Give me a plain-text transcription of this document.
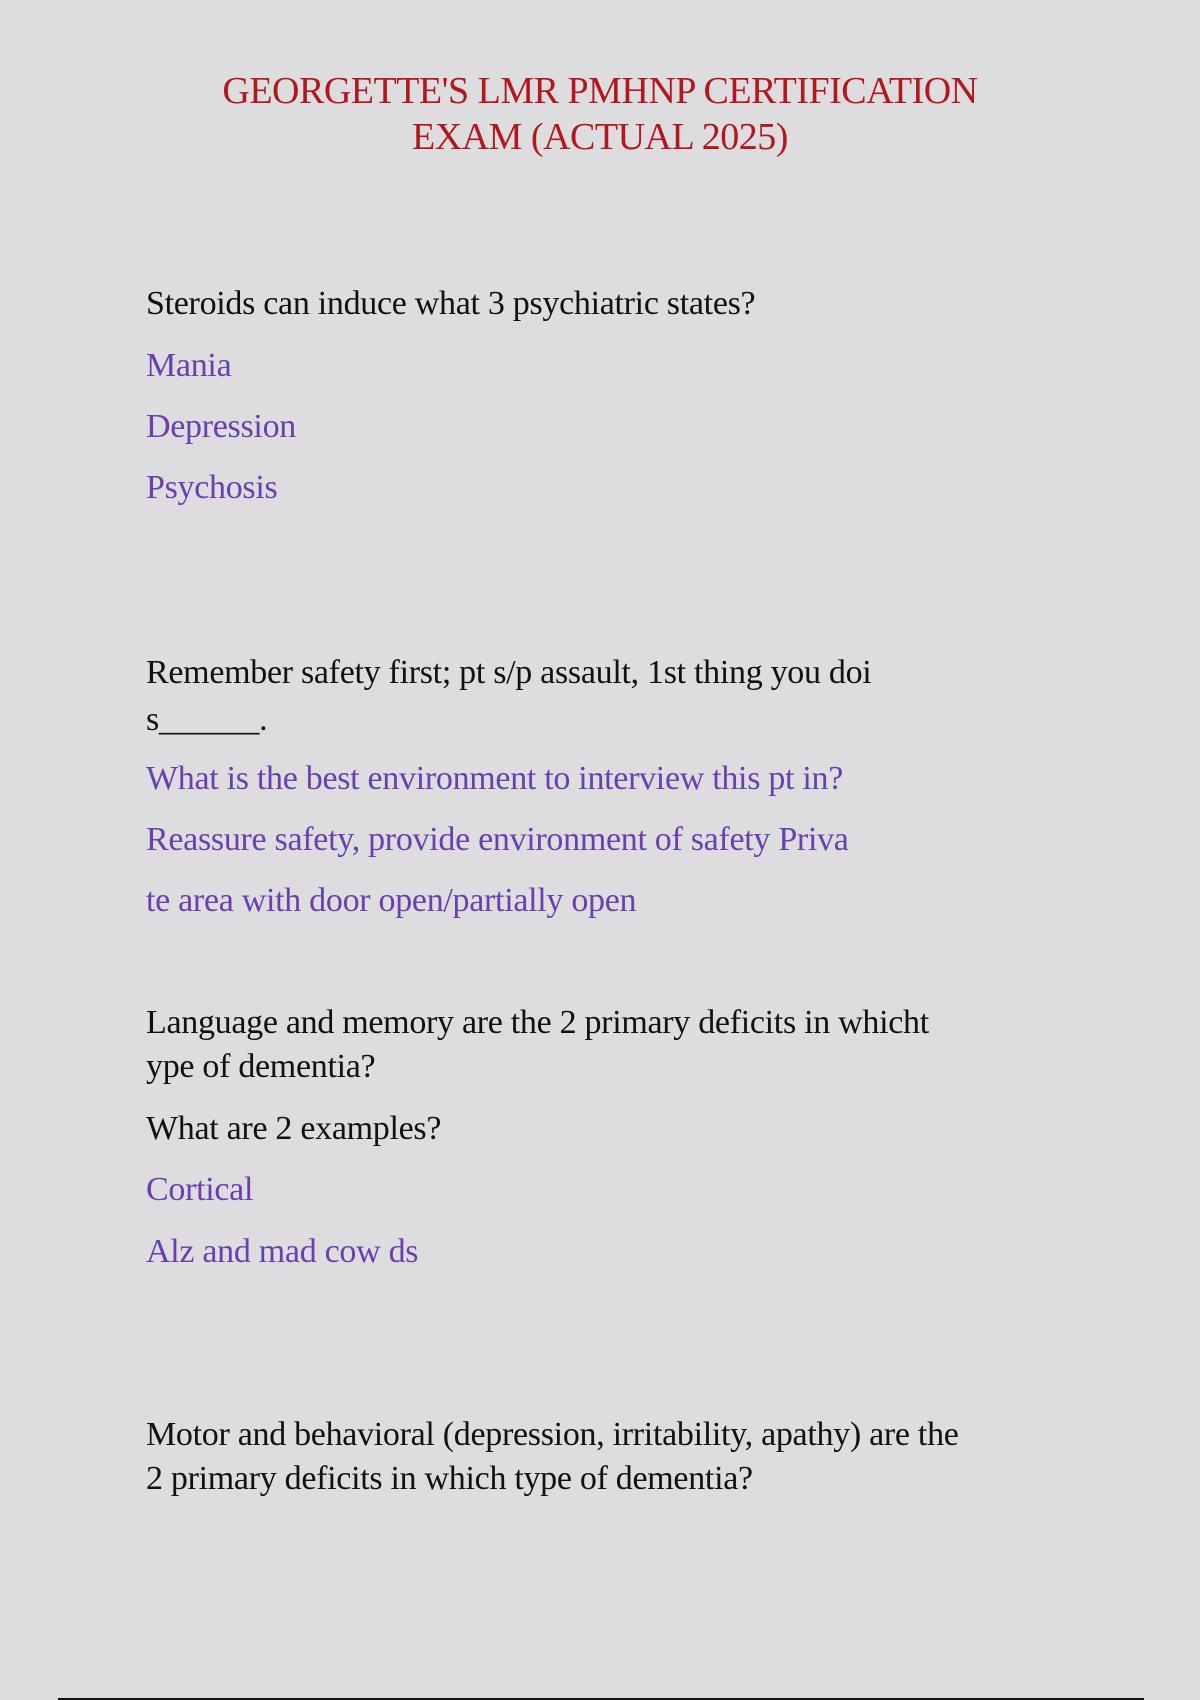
GEORGETTE'S LMR PMHNP CERTIFICATION
EXAM (ACTUAL 2025)
Steroids can induce what 3 psychiatric states?
Mania
Depression
Psychosis
Remember safety first; pt s/p assault, 1st thing you doi
s______.
What is the best environment to interview this pt in?
Reassure safety, provide environment of safety Priva
te area with door open/partially open
Language and memory are the 2 primary deficits in whicht
ype of dementia?
What are 2 examples?
Cortical
Alz and mad cow ds
Motor and behavioral (depression, irritability, apathy) are the
2 primary deficits in which type of dementia?
